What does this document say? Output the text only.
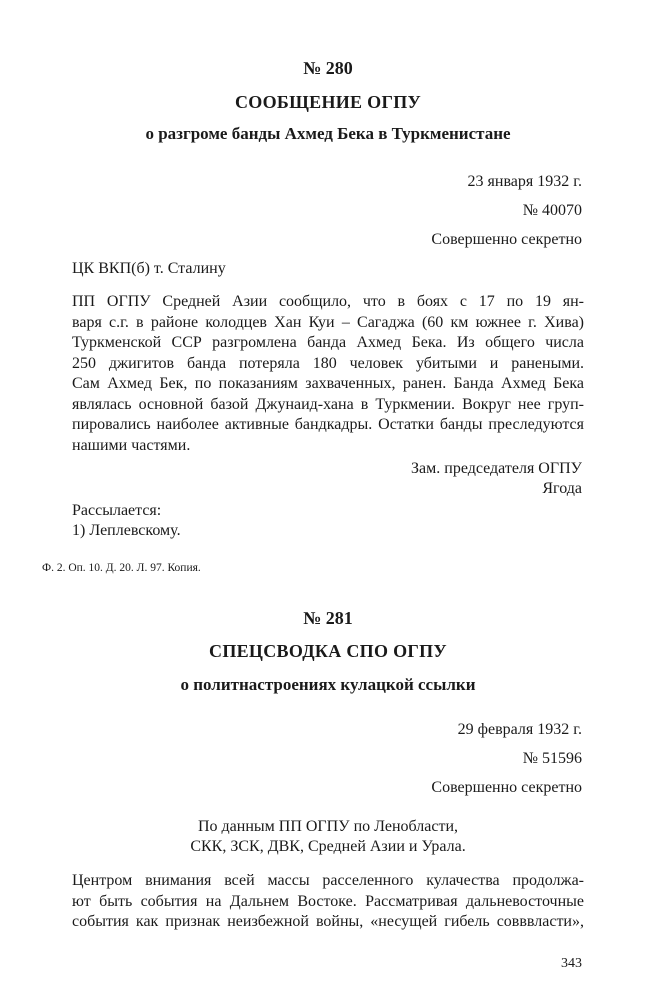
№ 280
СООБЩЕНИЕ ОГПУ
о разгроме банды Ахмед Бека в Туркменистане
23 января 1932 г.
№ 40070
Совершенно секретно
ЦК ВКП(б) т. Сталину
ПП ОГПУ Средней Азии сообщило, что в боях с 17 по 19 ян-
варя с.г. в районе колодцев Хан Куи – Сагаджа (60 км южнее г. Хива)
Туркменской ССР разгромлена банда Ахмед Бека. Из общего числа
250 джигитов банда потеряла 180 человек убитыми и ранеными.
Сам Ахмед Бек, по показаниям захваченных, ранен. Банда Ахмед Бека
являлась основной базой Джунаид-хана в Туркмении. Вокруг нее груп-
пировались наиболее активные бандкадры. Остатки банды преследуются
нашими частями.
Зам. председателя ОГПУ
Ягода
Рассылается:
1) Леплевскому.
Ф. 2. Оп. 10. Д. 20. Л. 97. Копия.
№ 281
СПЕЦСВОДКА СПО ОГПУ
о политнастроениях кулацкой ссылки
29 февраля 1932 г.
№ 51596
Совершенно секретно
По данным ПП ОГПУ по Ленобласти,
СКК, ЗСК, ДВК, Средней Азии и Урала.
Центром внимания всей массы расселенного кулачества продолжа-
ют быть события на Дальнем Востоке. Рассматривая дальневосточные
события как признак неизбежной войны, «несущей гибель совввласти»,
343
